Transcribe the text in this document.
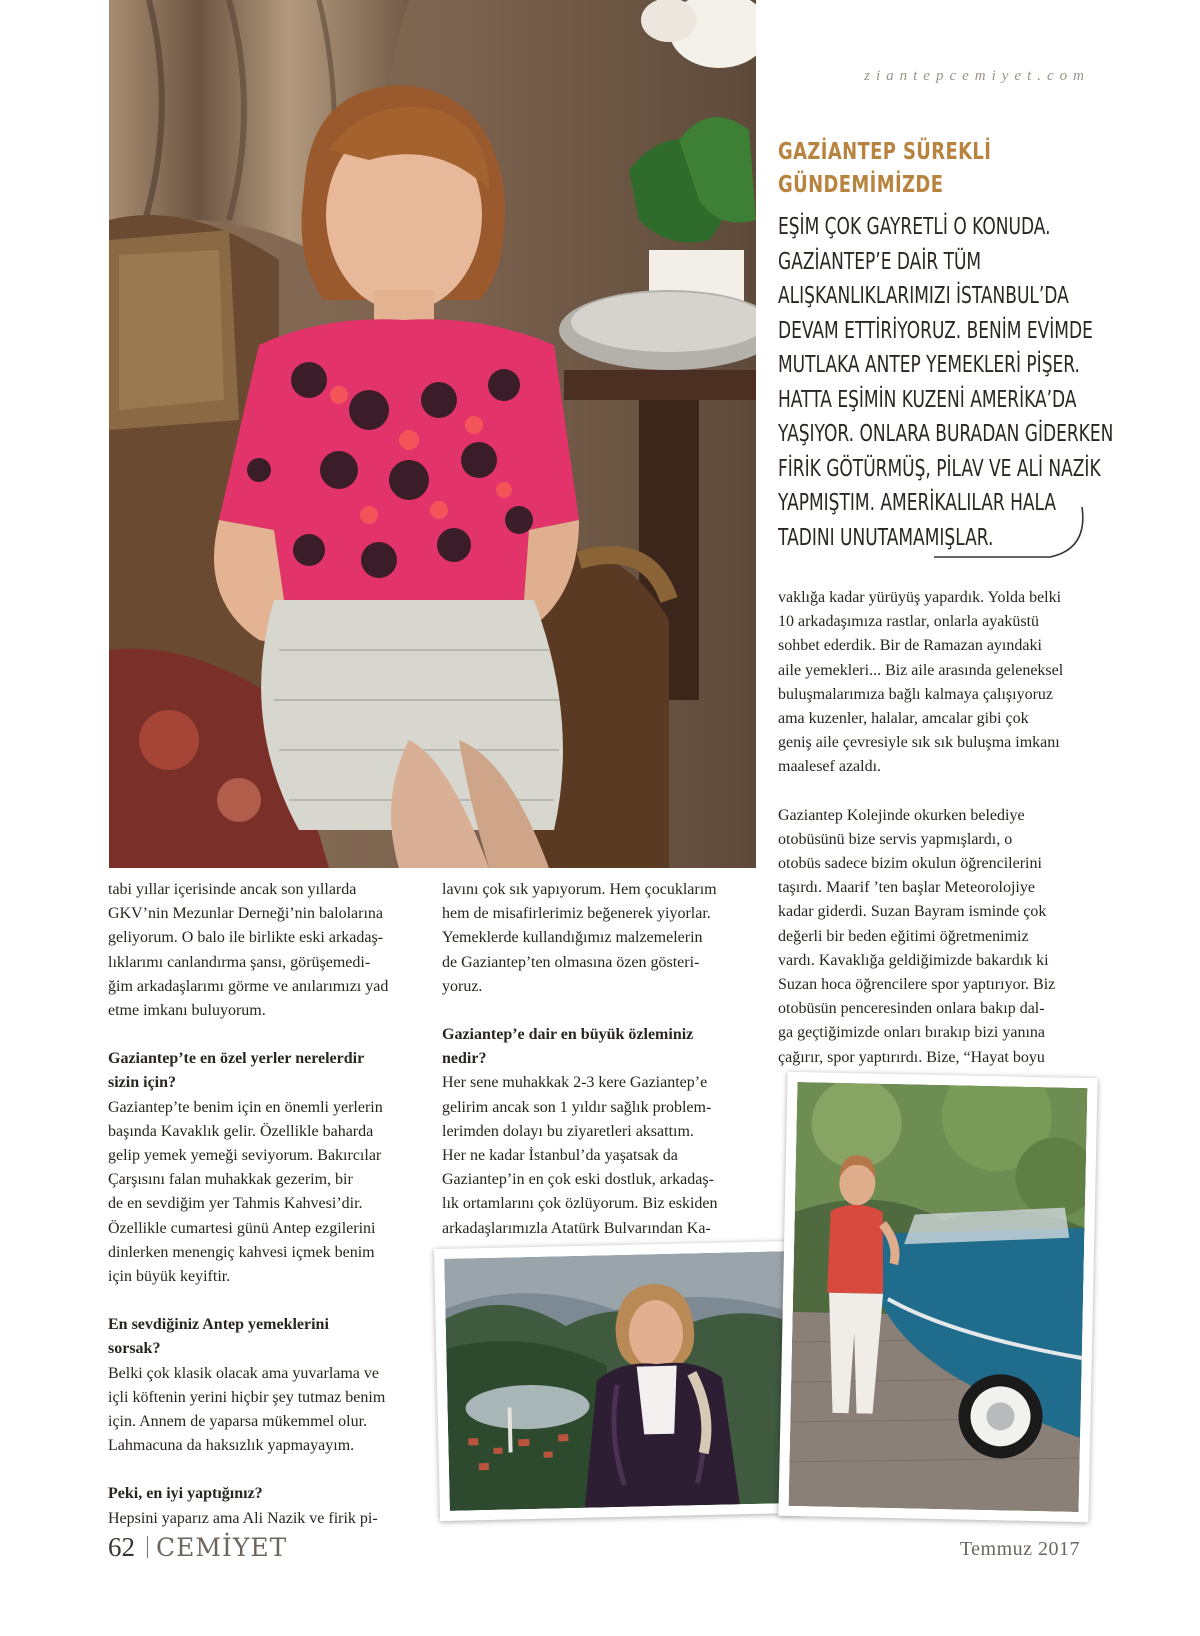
ziantepcemiyet.com
GAZİANTEP SÜREKLİ
GÜNDEMİMİZDE
EŞİM ÇOK GAYRETLİ O KONUDA.
GAZİANTEP’E DAİR TÜM
ALIŞKANLIKLARIMIZI İSTANBUL’DA
DEVAM ETTİRİYORUZ. BENİM EVİMDE
MUTLAKA ANTEP YEMEKLERİ PİŞER.
HATTA EŞİMİN KUZENİ AMERİKA’DA
YAŞIYOR. ONLARA BURADAN GİDERKEN
FİRİK GÖTÜRMÜŞ, PİLAV VE ALİ NAZİK
YAPMIŞTIM. AMERİKALILAR HALA
TADINI UNUTAMAMIŞLAR.

tabi yıllar içerisinde ancak son yıllarda
GKV’nin Mezunlar Derneği’nin balolarına
geliyorum. O balo ile birlikte eski arkadaş-
lıklarımı canlandırma şansı, görüşemedi-
ğim arkadaşlarımı görme ve anılarımızı yad
etme imkanı buluyorum.

Gaziantep’te en özel yerler nerelerdir
sizin için?

Gaziantep’te benim için en önemli yerlerin
başında Kavaklık gelir. Özellikle baharda
gelip yemek yemeği seviyorum. Bakırcılar
Çarşısını falan muhakkak gezerim, bir
de en sevdiğim yer Tahmis Kahvesi’dir.
Özellikle cumartesi günü Antep ezgilerini
dinlerken menengiç kahvesi içmek benim
için büyük keyiftir.

En sevdiğiniz Antep yemeklerini
sorsak?

Belki çok klasik olacak ama yuvarlama ve
içli köftenin yerini hiçbir şey tutmaz benim
için. Annem de yaparsa mükemmel olur.
Lahmacuna da haksızlık yapmayayım.

Peki, en iyi yaptığınız?

Hepsini yaparız ama Ali Nazik ve firik pi-

lavını çok sık yapıyorum. Hem çocuklarım
hem de misafirlerimiz beğenerek yiyorlar.
Yemeklerde kullandığımız malzemelerin
de Gaziantep’ten olmasına özen gösteri-
yoruz.

Gaziantep’e dair en büyük özleminiz
nedir?

Her sene muhakkak 2-3 kere Gaziantep’e
gelirim ancak son 1 yıldır sağlık problem-
lerimden dolayı bu ziyaretleri aksattım.
Her ne kadar İstanbul’da yaşatsak da
Gaziantep’in en çok eski dostluk, arkadaş-
lık ortamlarını çok özlüyorum. Biz eskiden
arkadaşlarımızla Atatürk Bulvarından Ka-

vaklığa kadar yürüyüş yapardık. Yolda belki
10 arkadaşımıza rastlar, onlarla ayaküstü
sohbet ederdik. Bir de Ramazan ayındaki
aile yemekleri... Biz aile arasında geleneksel
buluşmalarımıza bağlı kalmaya çalışıyoruz
ama kuzenler, halalar, amcalar gibi çok
geniş aile çevresiyle sık sık buluşma imkanı
maalesef azaldı.

Gaziantep Kolejinde okurken belediye
otobüsünü bize servis yapmışlardı, o
otobüs sadece bizim okulun öğrencilerini
taşırdı. Maarif ’ten başlar Meteorolojiye
kadar giderdi. Suzan Bayram isminde çok
değerli bir beden eğitimi öğretmenimiz
vardı. Kavaklığa geldiğimizde bakardık ki
Suzan hoca öğrencilere spor yaptırıyor. Biz
otobüsün penceresinden onlara bakıp dal-
ga geçtiğimizde onları bırakıp bizi yanına
çağırır, spor yaptırırdı. Bize, “Hayat boyu

62 CEMİYET	Temmuz 2017
